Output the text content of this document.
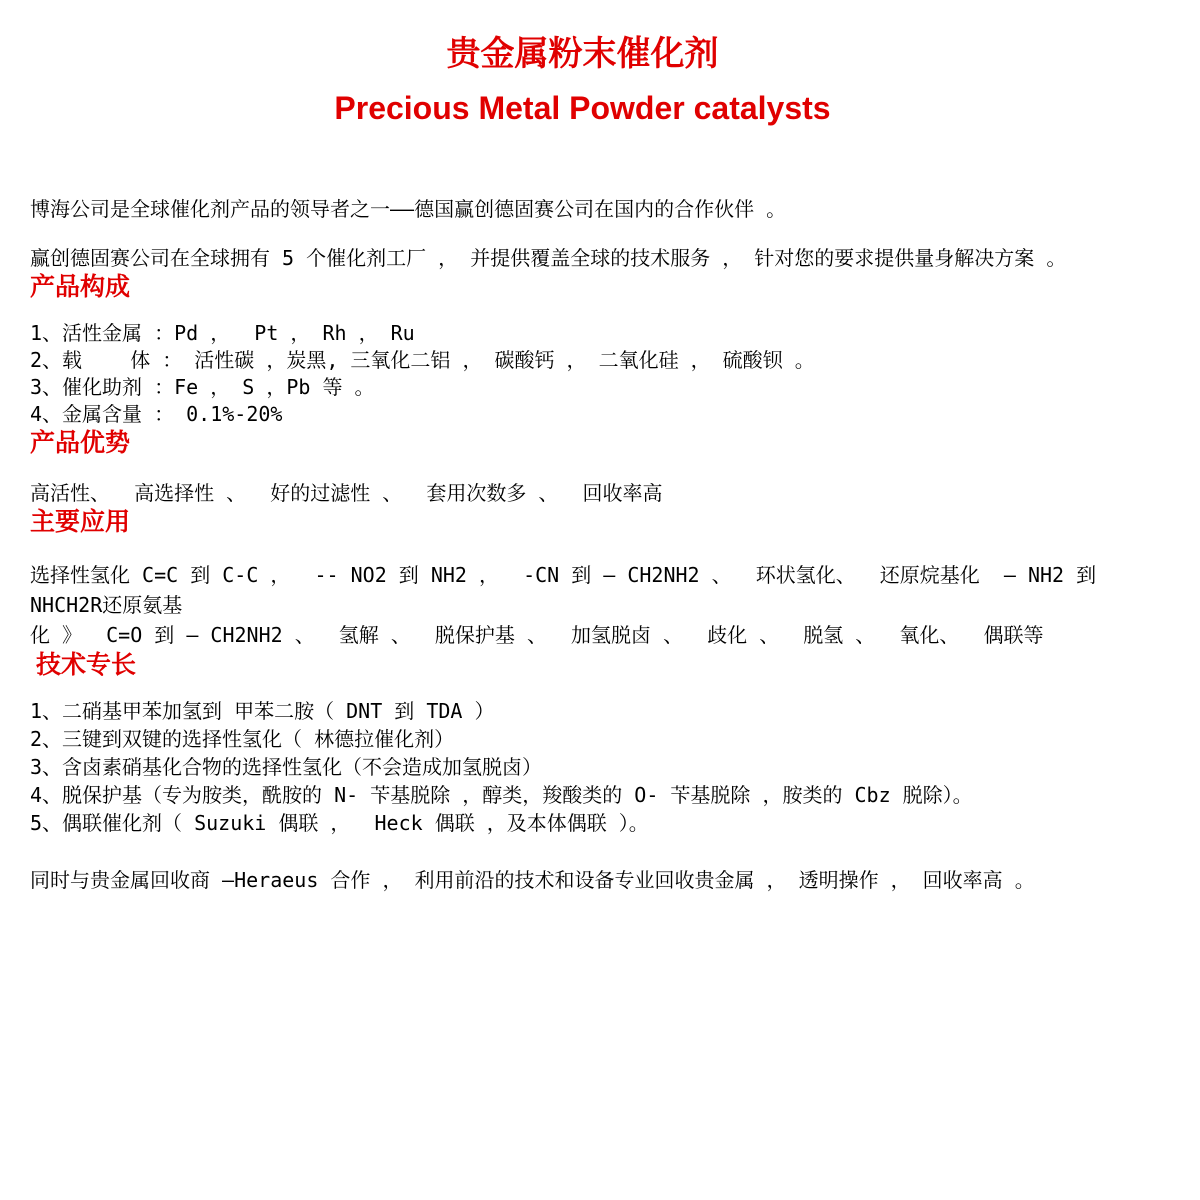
贵金属粉末催化剂
Precious Metal Powder catalysts

博海公司是全球催化剂产品的领导者之一——德国赢创德固赛公司在国内的合作伙伴 。

赢创德固赛公司在全球拥有 5 个催化剂工厂 ， 并提供覆盖全球的技术服务 ， 针对您的要求提供量身解决方案 。

产品构成

1、活性金属 ：Pd ，  Pt ， Rh ， Ru

2、载    体 ： 活性碳 ，炭黑, 三氧化二铝 ， 碳酸钙 ， 二氧化硅 ， 硫酸钡 。

3、催化助剂 ：Fe ， S ，Pb 等 。

4、金属含量 ： 0.1%-20%

产品优势

高活性、  高选择性 、  好的过滤性 、  套用次数多 、  回收率高

主要应用

选择性氢化 C=C 到 C-C ，  -- NO2 到 NH2 ，  -CN 到 – CH2NH2 、  环状氢化、  还原烷基化  – NH2 到 NHCH2R还原氨基

化 》  C=O 到 – CH2NH2 、  氢解 、  脱保护基 、  加氢脱卤 、  歧化 、  脱氢 、  氧化、  偶联等

技术专长

1、二硝基甲苯加氢到 甲苯二胺（ DNT 到 TDA ）

2、三键到双键的选择性氢化（ 林德拉催化剂）

3、含卤素硝基化合物的选择性氢化（不会造成加氢脱卤）

4、脱保护基（专为胺类，酰胺的 N- 苄基脱除 ，醇类，羧酸类的 O- 苄基脱除 ，胺类的 Cbz 脱除）。

5、偶联催化剂（ Suzuki 偶联 ，  Heck 偶联 ，及本体偶联 ）。

同时与贵金属回收商 —Heraeus 合作 ， 利用前沿的技术和设备专业回收贵金属 ， 透明操作 ， 回收率高 。
